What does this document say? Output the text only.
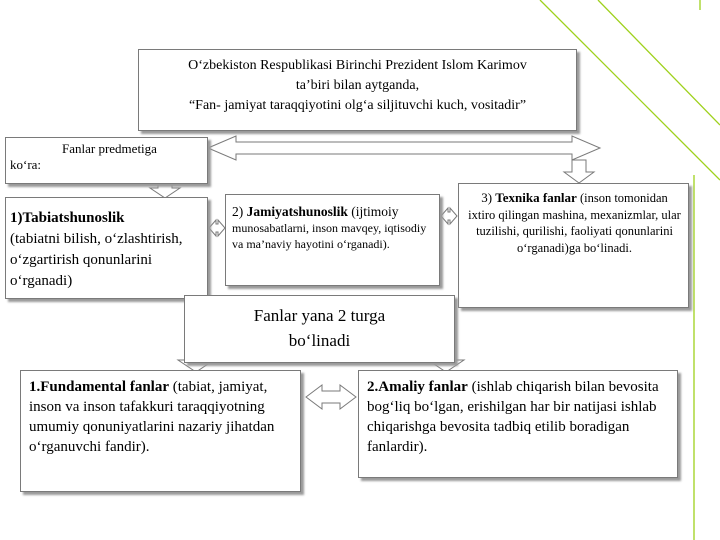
O‘zbekiston Respublikasi Birinchi Prezident Islom Karimov
ta’biri bilan aytganda,
“Fan- jamiyat taraqqiyotini olg‘a siljituvchi kuch, vositadir”
Fanlar predmetiga
ko‘ra:
1)Tabiatshunoslik
(tabiatni bilish, o‘zlashtirish, o‘zgartirish qonunlarini o‘rganadi)
2) Jamiyatshunoslik (ijtimoiy
munosabatlarni, inson mavqey, iqtisodiy va ma’naviy hayotini o‘rganadi).
3) Texnika fanlar (inson tomonidan ixtiro qilingan mashina, mexanizmlar, ular tuzilishi, qurilishi, faoliyati qonunlarini o‘rganadi)ga bo‘linadi.
Fanlar yana 2 turga
bo‘linadi
1.Fundamental fanlar (tabiat, jamiyat, inson va inson tafakkuri taraqqiyotning umumiy qonuniyatlarini nazariy jihatdan o‘rganuvchi fandir).
2.Amaliy fanlar (ishlab chiqarish bilan bevosita bog‘liq bo‘lgan, erishilgan har bir natijasi ishlab chiqarishga bevosita tadbiq etilib boradigan fanlardir).
